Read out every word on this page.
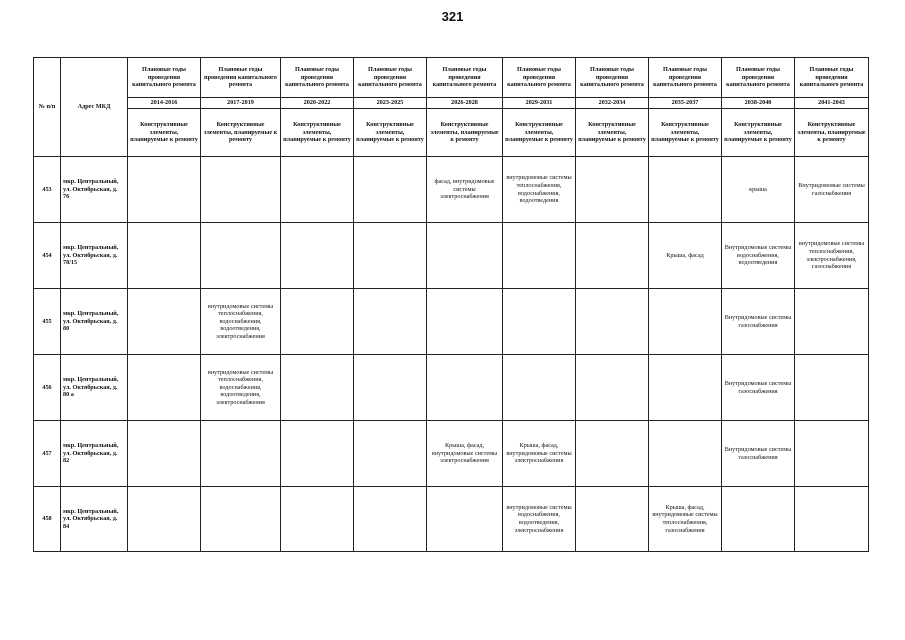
321
№ п/п	Адрес МКД	Плановые годы проведения капитального ремонта	Плановые годы проведения капитального ремонта	Плановые годы проведения капитального ремонта	Плановые годы проведения капитального ремонта	Плановые годы проведения капитального ремонта	Плановые годы проведения капитального ремонта	Плановые годы проведения капитального ремонта	Плановые годы проведения капитального ремонта	Плановые годы проведения капитального ремонта	Плановые годы проведения капитального ремонта
		2014-2016	2017-2019	2020-2022	2023-2025	2026-2028	2029-2031	2032-2034	2035-2037	2038-2040	2041-2043
		Конструктивные элементы, планируемые к ремонту	Конструктивные элементы, планируемые к ремонту	Конструктивные элементы, планируемые к ремонту	Конструктивные элементы, планируемые к ремонту	Конструктивные элементы, планируемые к ремонту	Конструктивные элементы, планируемые к ремонту	Конструктивные элементы, планируемые к ремонту	Конструктивные элементы, планируемые к ремонту	Конструктивные элементы, планируемые к ремонту	Конструктивные элементы, планируемые к ремонту
453	мкр. Центральный, ул. Октябрьская, д. 76					фасад, внутридомовые системы электроснабжения	внутридомовые системы теплоснабжения, водоснабжения, водоотведения			крыша	Внутридомовые системы газоснабжения
454	мкр. Центральный, ул. Октябрьская, д. 78/15								Крыша, фасад	Внутридомовые системы водоснабжения, водоотведения	внутридомовые системы теплоснабжения, электроснабжения, газоснабжения
455	мкр. Центральный, ул. Октябрьская, д. 80		внутридомовые системы теплоснабжения, водоснабжения, водоотведения, электроснабжения							Внутридомовые системы газоснабжения	
456	мкр. Центральный, ул. Октябрьская, д. 80 а		внутридомовые системы теплоснабжения, водоснабжения, водоотведения, электроснабжения							Внутридомовые системы газоснабжения	
457	мкр. Центральный, ул. Октябрьская, д. 82					Крыша, фасад, внутридомовые системы электроснабжения	Крыша, фасад, внутридомовые системы электроснабжения			Внутридомовые системы газоснабжения	
458	мкр. Центральный, ул. Октябрьская, д. 84						внутридомовые системы водоснабжения, водоотведения, электроснабжения		Крыша, фасад, внутридомовые системы теплоснабжения, газоснабжения		
